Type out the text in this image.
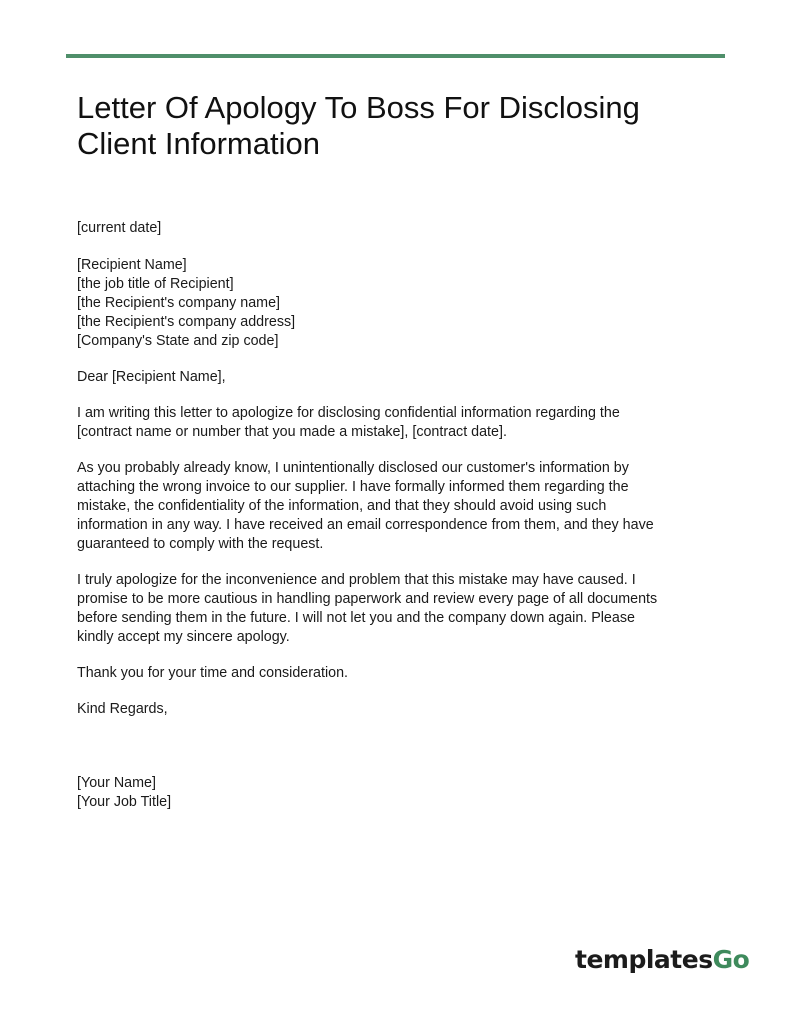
Letter Of Apology To Boss For Disclosing Client Information

[current date]

[Recipient Name]
[the job title of Recipient]
[the Recipient's company name]
[the Recipient's company address]
[Company's State and zip code]

Dear [Recipient Name],

I am writing this letter to apologize for disclosing confidential information regarding the
[contract name or number that you made a mistake], [contract date].
As you probably already know, I unintentionally disclosed our customer's information by
attaching the wrong invoice to our supplier. I have formally informed them regarding the
mistake, the confidentiality of the information, and that they should avoid using such
information in any way. I have received an email correspondence from them, and they have
guaranteed to comply with the request.
I truly apologize for the inconvenience and problem that this mistake may have caused. I
promise to be more cautious in handling paperwork and review every page of all documents
before sending them in the future. I will not let you and the company down again. Please
kindly accept my sincere apology.

Thank you for your time and consideration.

Kind Regards,

[Your Name]
[Your Job Title]
templates Go
